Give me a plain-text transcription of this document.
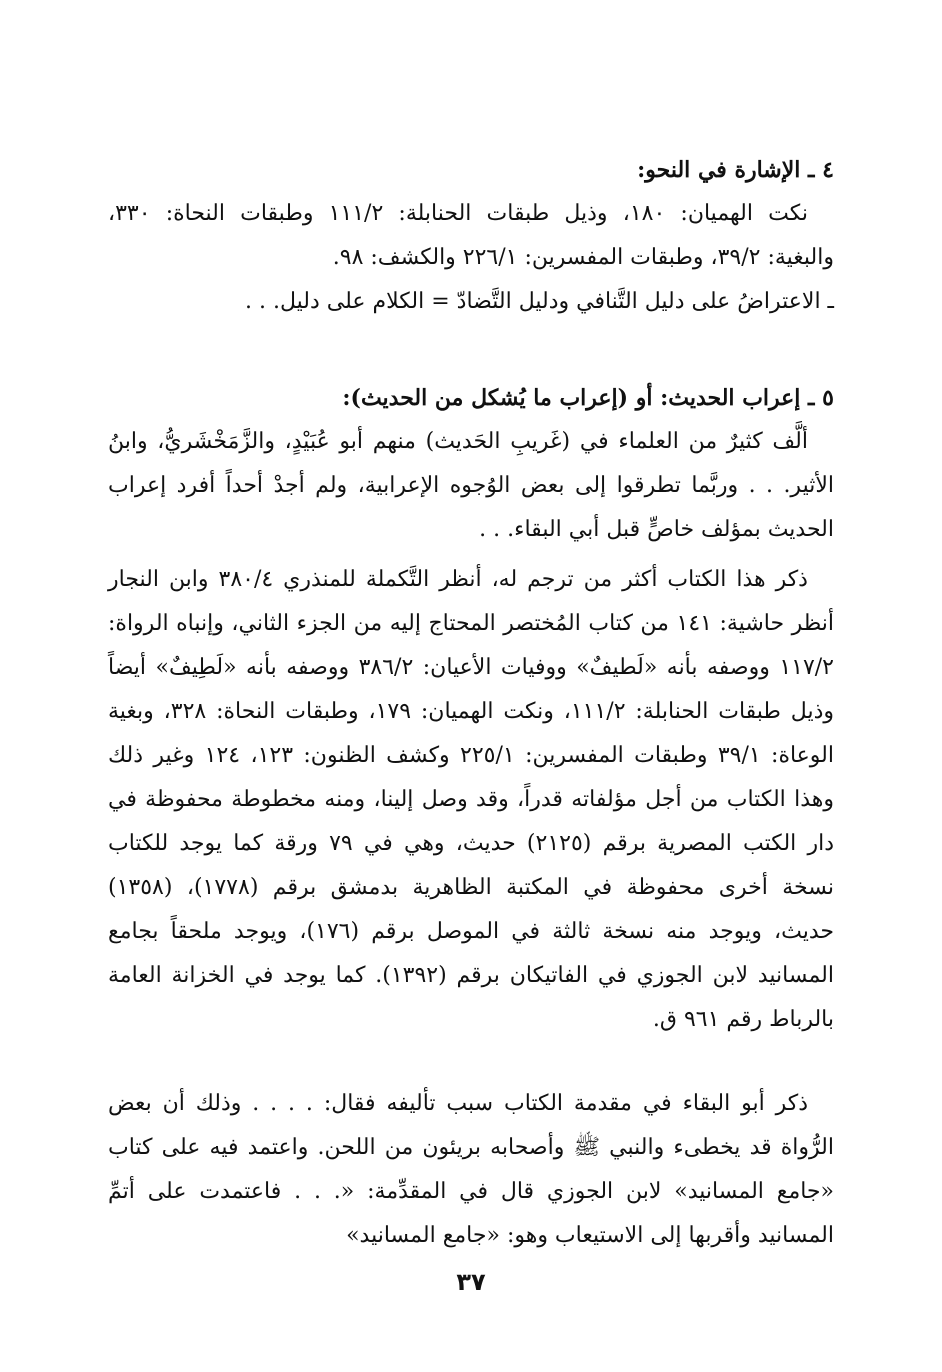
٤ ـ الإشارة في النحو:
نكت الهميان: ١٨٠، وذيل طبقات الحنابلة: ١١١/٢ وطبقات النحاة: ٣٣٠، والبغية: ٣٩/٢، وطبقات المفسرين: ٢٢٦/١ والكشف: ٩٨.
ـ الاعتراضُ على دليل التَّنافي ودليل التَّضادّ = الكلام على دليل. . .
٥ ـ إعراب الحديث: أو (إعراب ما يُشكل من الحديث):
ألَّف كثيرٌ من العلماء في (غَريبِ الحَديث) منهم أبو عُبَيْدٍ، والزَّمَخْشَريُّ، وابنُ الأثير. . . وربَّما تطرقوا إلى بعض الوُجوه الإعرابية، ولم أجدْ أحداً أفرد إعراب الحديث بمؤلف خاصٍّ قبل أبي البقاء. . .
ذكر هذا الكتاب أكثر من ترجم له، أنظر التَّكملة للمنذري ٣٨٠/٤ وابن النجار أنظر حاشية: ١٤١ من كتاب المُختصر المحتاج إليه من الجزء الثاني، وإنباه الرواة: ١١٧/٢ ووصفه بأنه «لَطيفٌ» ووفيات الأعيان: ٣٨٦/٢ ووصفه بأنه «لَطِيفٌ» أيضاً وذيل طبقات الحنابلة: ١١١/٢، ونكت الهميان: ١٧٩، وطبقات النحاة: ٣٢٨، وبغية الوعاة: ٣٩/١ وطبقات المفسرين: ٢٢٥/١ وكشف الظنون: ١٢٣، ١٢٤ وغير ذلك وهذا الكتاب من أجل مؤلفاته قدراً، وقد وصل إلينا، ومنه مخطوطة محفوظة في دار الكتب المصرية برقم (٢١٢٥) حديث، وهي في ٧٩ ورقة كما يوجد للكتاب نسخة أخرى محفوظة في المكتبة الظاهرية بدمشق برقم (١٧٧٨)، (١٣٥٨) حديث، ويوجد منه نسخة ثالثة في الموصل برقم (١٧٦)، ويوجد ملحقاً بجامع المسانيد لابن الجوزي في الفاتيكان برقم (١٣٩٢). كما يوجد في الخزانة العامة بالرباط رقم ٩٦١ ق.
ذكر أبو البقاء في مقدمة الكتاب سبب تأليفه فقال: . . . . وذلك أن بعض الرُّواة قد يخطىء والنبي ﷺ وأصحابه بريئون من اللحن. واعتمد فيه على كتاب «جامع المسانيد» لابن الجوزي قال في المقدِّمة: «. . . فاعتمدت على أتمِّ المسانيد وأقربها إلى الاستيعاب وهو: «جامع المسانيد»
٣٧
